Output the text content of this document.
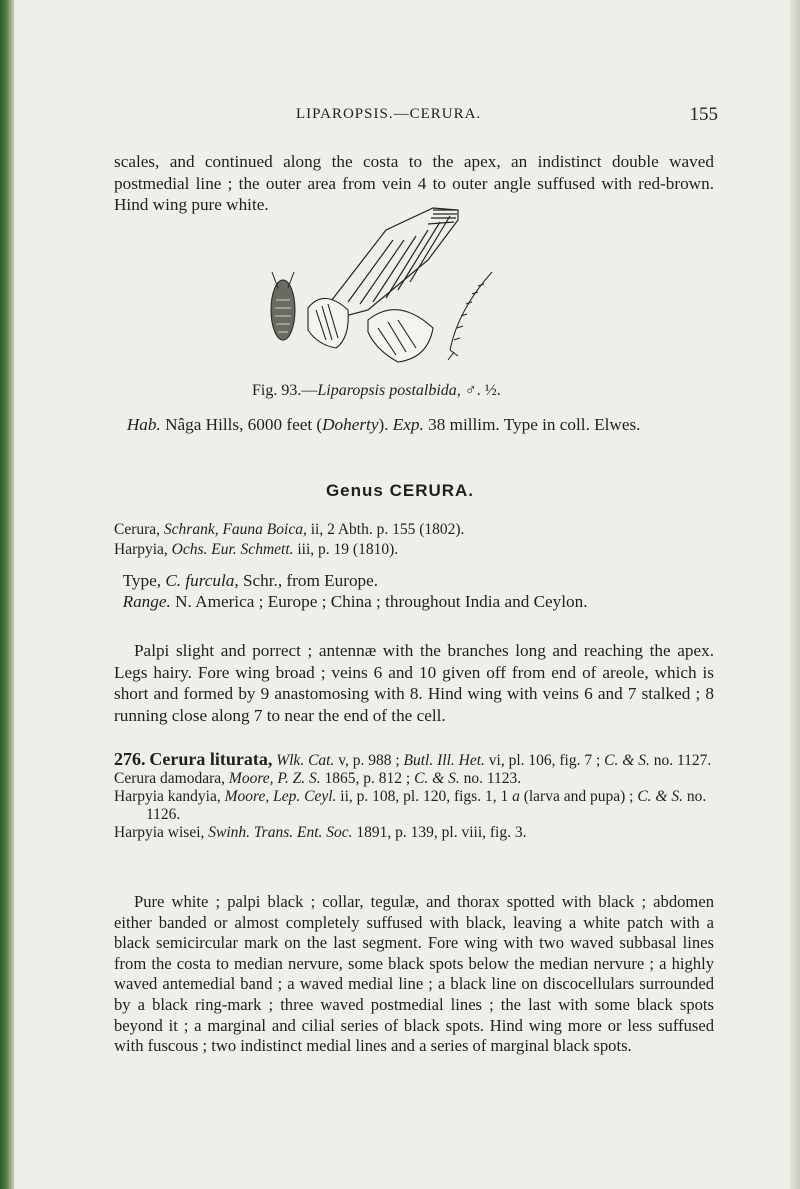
LIPAROPSIS.—CERURA.	155

scales, and continued along the costa to the apex, an indistinct double waved postmedial line ; the outer area from vein 4 to outer angle suffused with red-brown. Hind wing pure white.

Fig. 93.—Liparopsis postalbida, ♂. ½.

Hab. Nâga Hills, 6000 feet (Doherty). Exp. 38 millim. Type in coll. Elwes.

Genus CERURA.

Cerura, Schrank, Fauna Boica, ii, 2 Abth. p. 155 (1802).

Harpyia, Ochs. Eur. Schmett. iii, p. 19 (1810).

Type, C. furcula, Schr., from Europe.

Range. N. America ; Europe ; China ; throughout India and Ceylon.

Palpi slight and porrect ; antennæ with the branches long and reaching the apex. Legs hairy. Fore wing broad ; veins 6 and 10 given off from end of areole, which is short and formed by 9 anastomosing with 8. Hind wing with veins 6 and 7 stalked ; 8 running close along 7 to near the end of the cell.

276. Cerura liturata, Wlk. Cat. v, p. 988 ; Butl. Ill. Het. vi, pl. 106, fig. 7 ; C. & S. no. 1127.
Cerura damodara, Moore, P. Z. S. 1865, p. 812 ; C. & S. no. 1123.
Harpyia kandyia, Moore, Lep. Ceyl. ii, p. 108, pl. 120, figs. 1, 1 a (larva and pupa) ; C. & S. no. 1126.
Harpyia wisei, Swinh. Trans. Ent. Soc. 1891, p. 139, pl. viii, fig. 3.

Pure white ; palpi black ; collar, tegulæ, and thorax spotted with black ; abdomen either banded or almost completely suffused with black, leaving a white patch with a black semicircular mark on the last segment. Fore wing with two waved subbasal lines from the costa to median nervure, some black spots below the median nervure ; a highly waved antemedial band ; a waved medial line ; a black line on discocellulars surrounded by a black ring-mark ; three waved postmedial lines ; the last with some black spots beyond it ; a marginal and cilial series of black spots. Hind wing more or less suffused with fuscous ; two indistinct medial lines and a series of marginal black spots.
